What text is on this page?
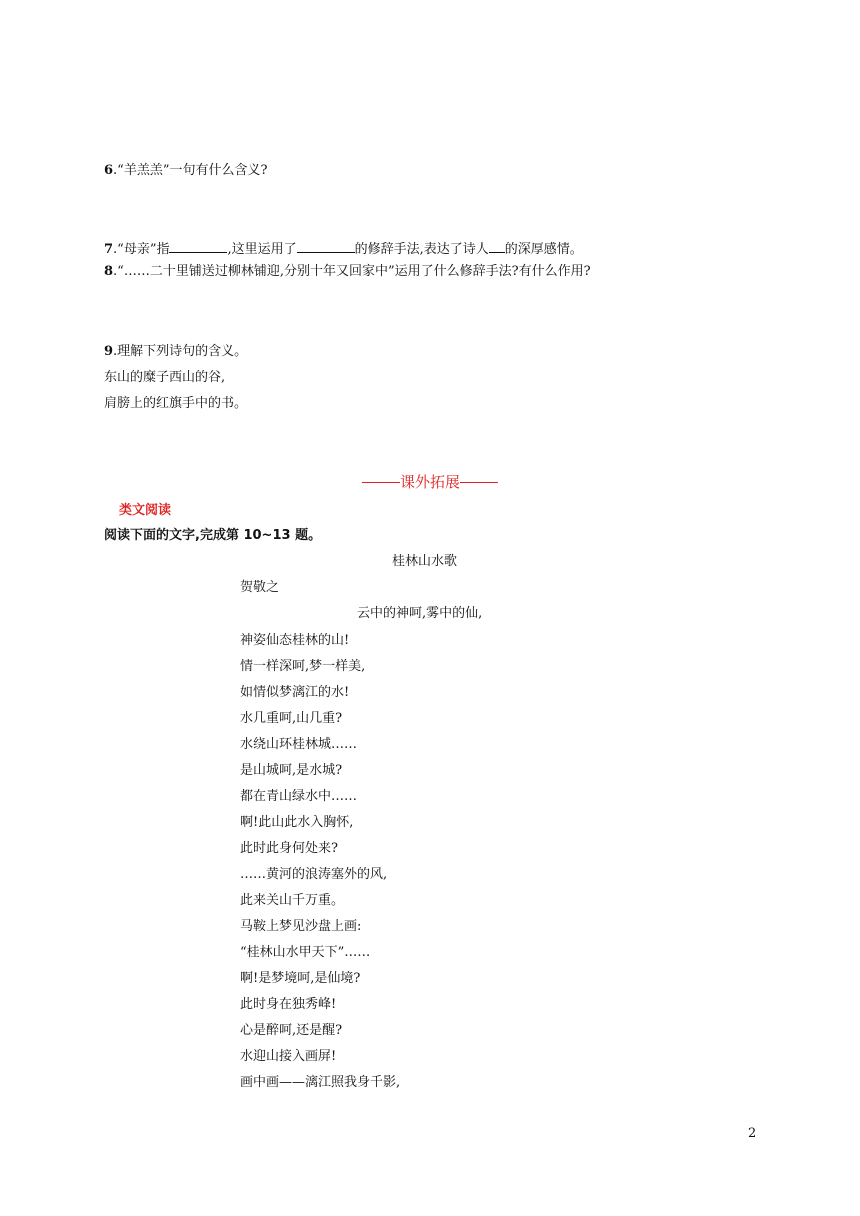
6.“羊羔羔”一句有什么含义?
7.“母亲”指	,这里运用了	的修辞手法,表达了诗人 的深厚感情。
8.“……二十里铺送过柳林铺迎,分别十年又回家中”运用了什么修辞手法?有什么作用?
9.理解下列诗句的含义。
东山的糜子西山的谷,
肩膀上的红旗手中的书。
课外拓展
类文阅读
阅读下面的文字,完成第 10~13 题。
桂林山水歌
贺敬之
云中的神呵,雾中的仙,
神姿仙态桂林的山!
情一样深呵,梦一样美,
如情似梦漓江的水!
水几重呵,山几重?
水绕山环桂林城……
是山城呵,是水城?
都在青山绿水中……
啊!此山此水入胸怀,
此时此身何处来?
……黄河的浪涛塞外的风,
此来关山千万重。
马鞍上梦见沙盘上画:
“桂林山水甲天下”……
啊!是梦境呵,是仙境?
此时身在独秀峰!
心是醉呵,还是醒?
水迎山接入画屏!
画中画——漓江照我身千影,
2
